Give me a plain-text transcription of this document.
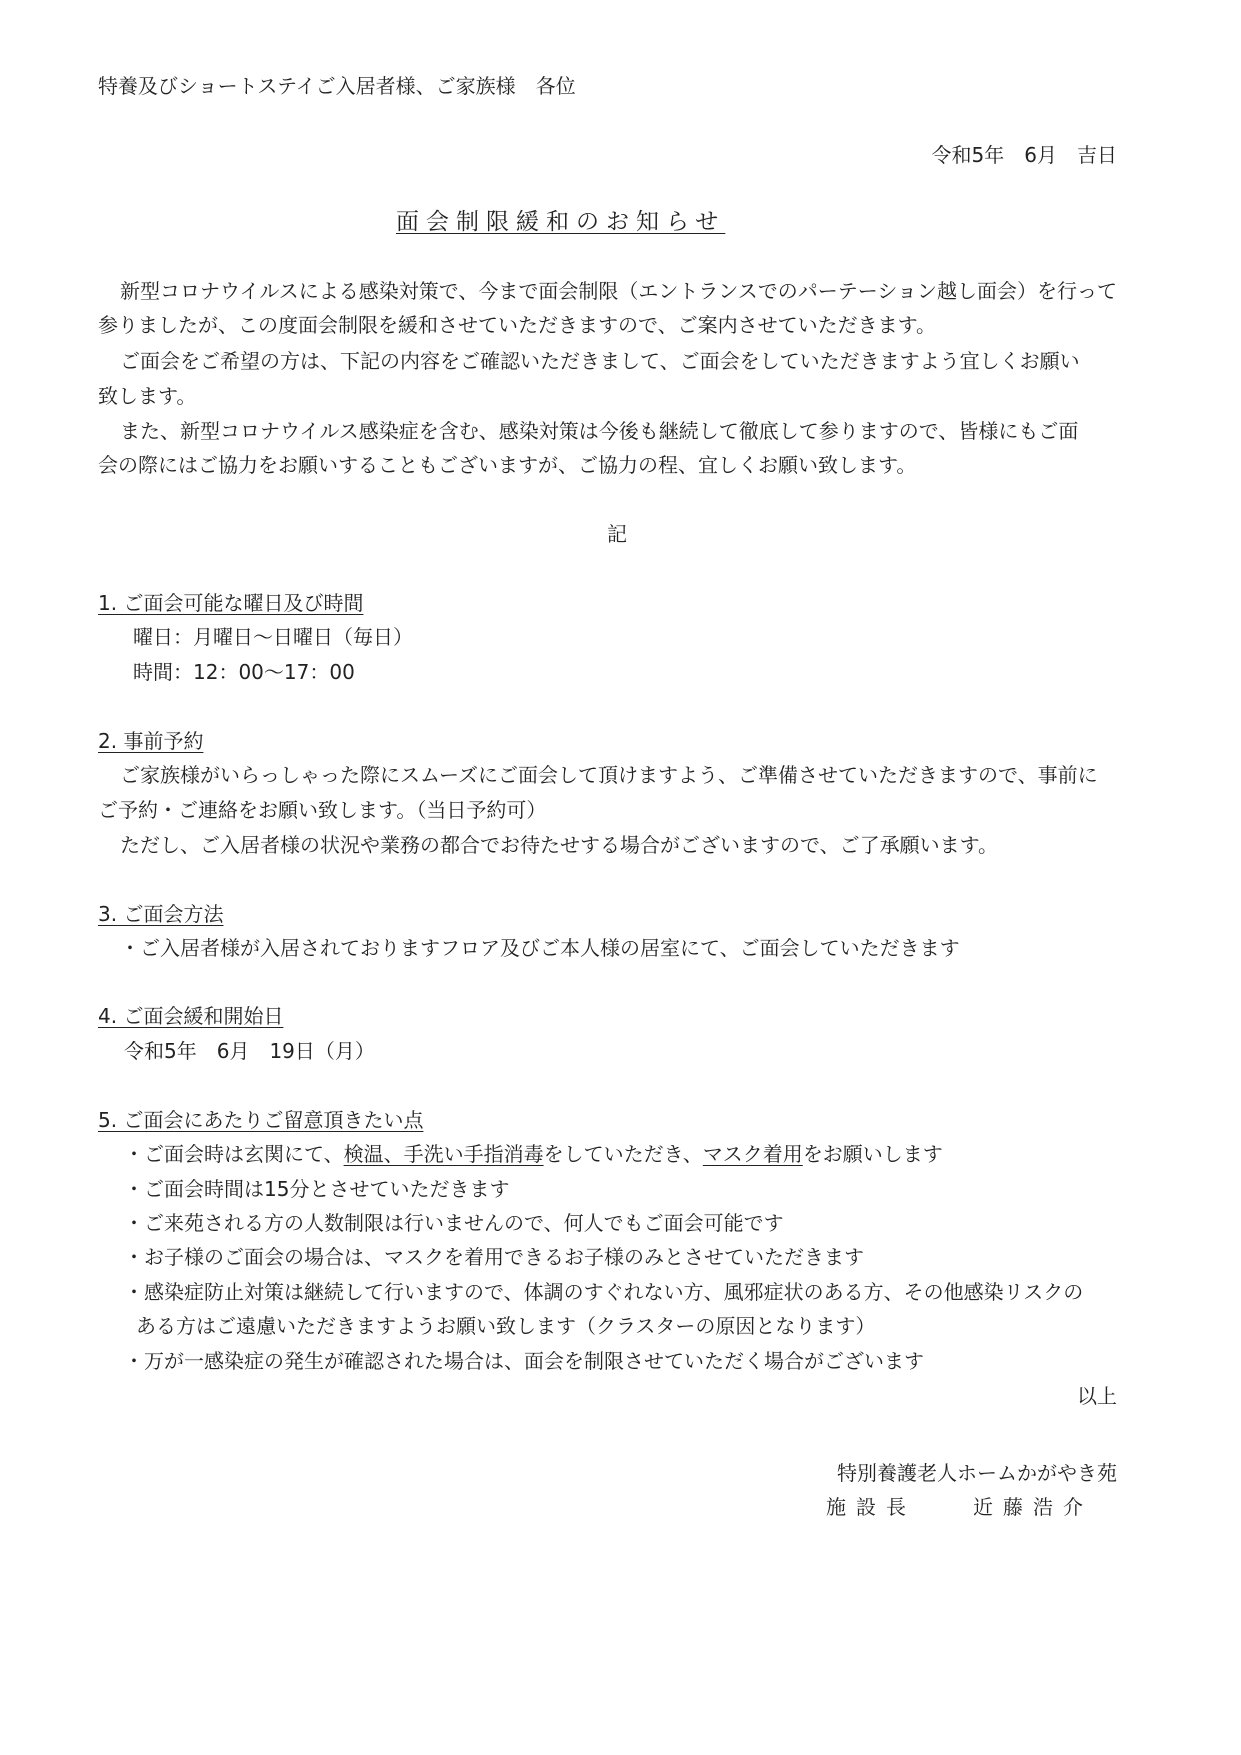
特養及びショートステイご入居者様、ご家族様　各位
令和5年　6月　吉日
面会制限緩和のお知らせ
新型コロナウイルスによる感染対策で、今まで面会制限（エントランスでのパーテーション越し面会）を行って
参りましたが、この度面会制限を緩和させていただきますので、ご案内させていただきます。
ご面会をご希望の方は、下記の内容をご確認いただきまして、ご面会をしていただきますよう宜しくお願い
致します。
また、新型コロナウイルス感染症を含む、感染対策は今後も継続して徹底して参りますので、皆様にもご面
会の際にはご協力をお願いすることもございますが、ご協力の程、宜しくお願い致します。
記
1. ご面会可能な曜日及び時間
曜日：月曜日～日曜日（毎日）
時間：12：00～17：00
2. 事前予約
ご家族様がいらっしゃった際にスムーズにご面会して頂けますよう、ご準備させていただきますので、事前に
ご予約・ご連絡をお願い致します。（当日予約可）
ただし、ご入居者様の状況や業務の都合でお待たせする場合がございますので、ご了承願います。
3. ご面会方法
・ご入居者様が入居されておりますフロア及びご本人様の居室にて、ご面会していただきます
4. ご面会緩和開始日
令和5年　6月　19日（月）
5. ご面会にあたりご留意頂きたい点
・ご面会時は玄関にて、検温、手洗い手指消毒をしていただき、マスク着用をお願いします
・ご面会時間は15分とさせていただきます
・ご来苑される方の人数制限は行いませんので、何人でもご面会可能です
・お子様のご面会の場合は、マスクを着用できるお子様のみとさせていただきます
・感染症防止対策は継続して行いますので、体調のすぐれない方、風邪症状のある方、その他感染リスクの
ある方はご遠慮いただきますようお願い致します（クラスターの原因となります）
・万が一感染症の発生が確認された場合は、面会を制限させていただく場合がございます
以上
特別養護老人ホームかがやき苑
施設長	近藤浩介
